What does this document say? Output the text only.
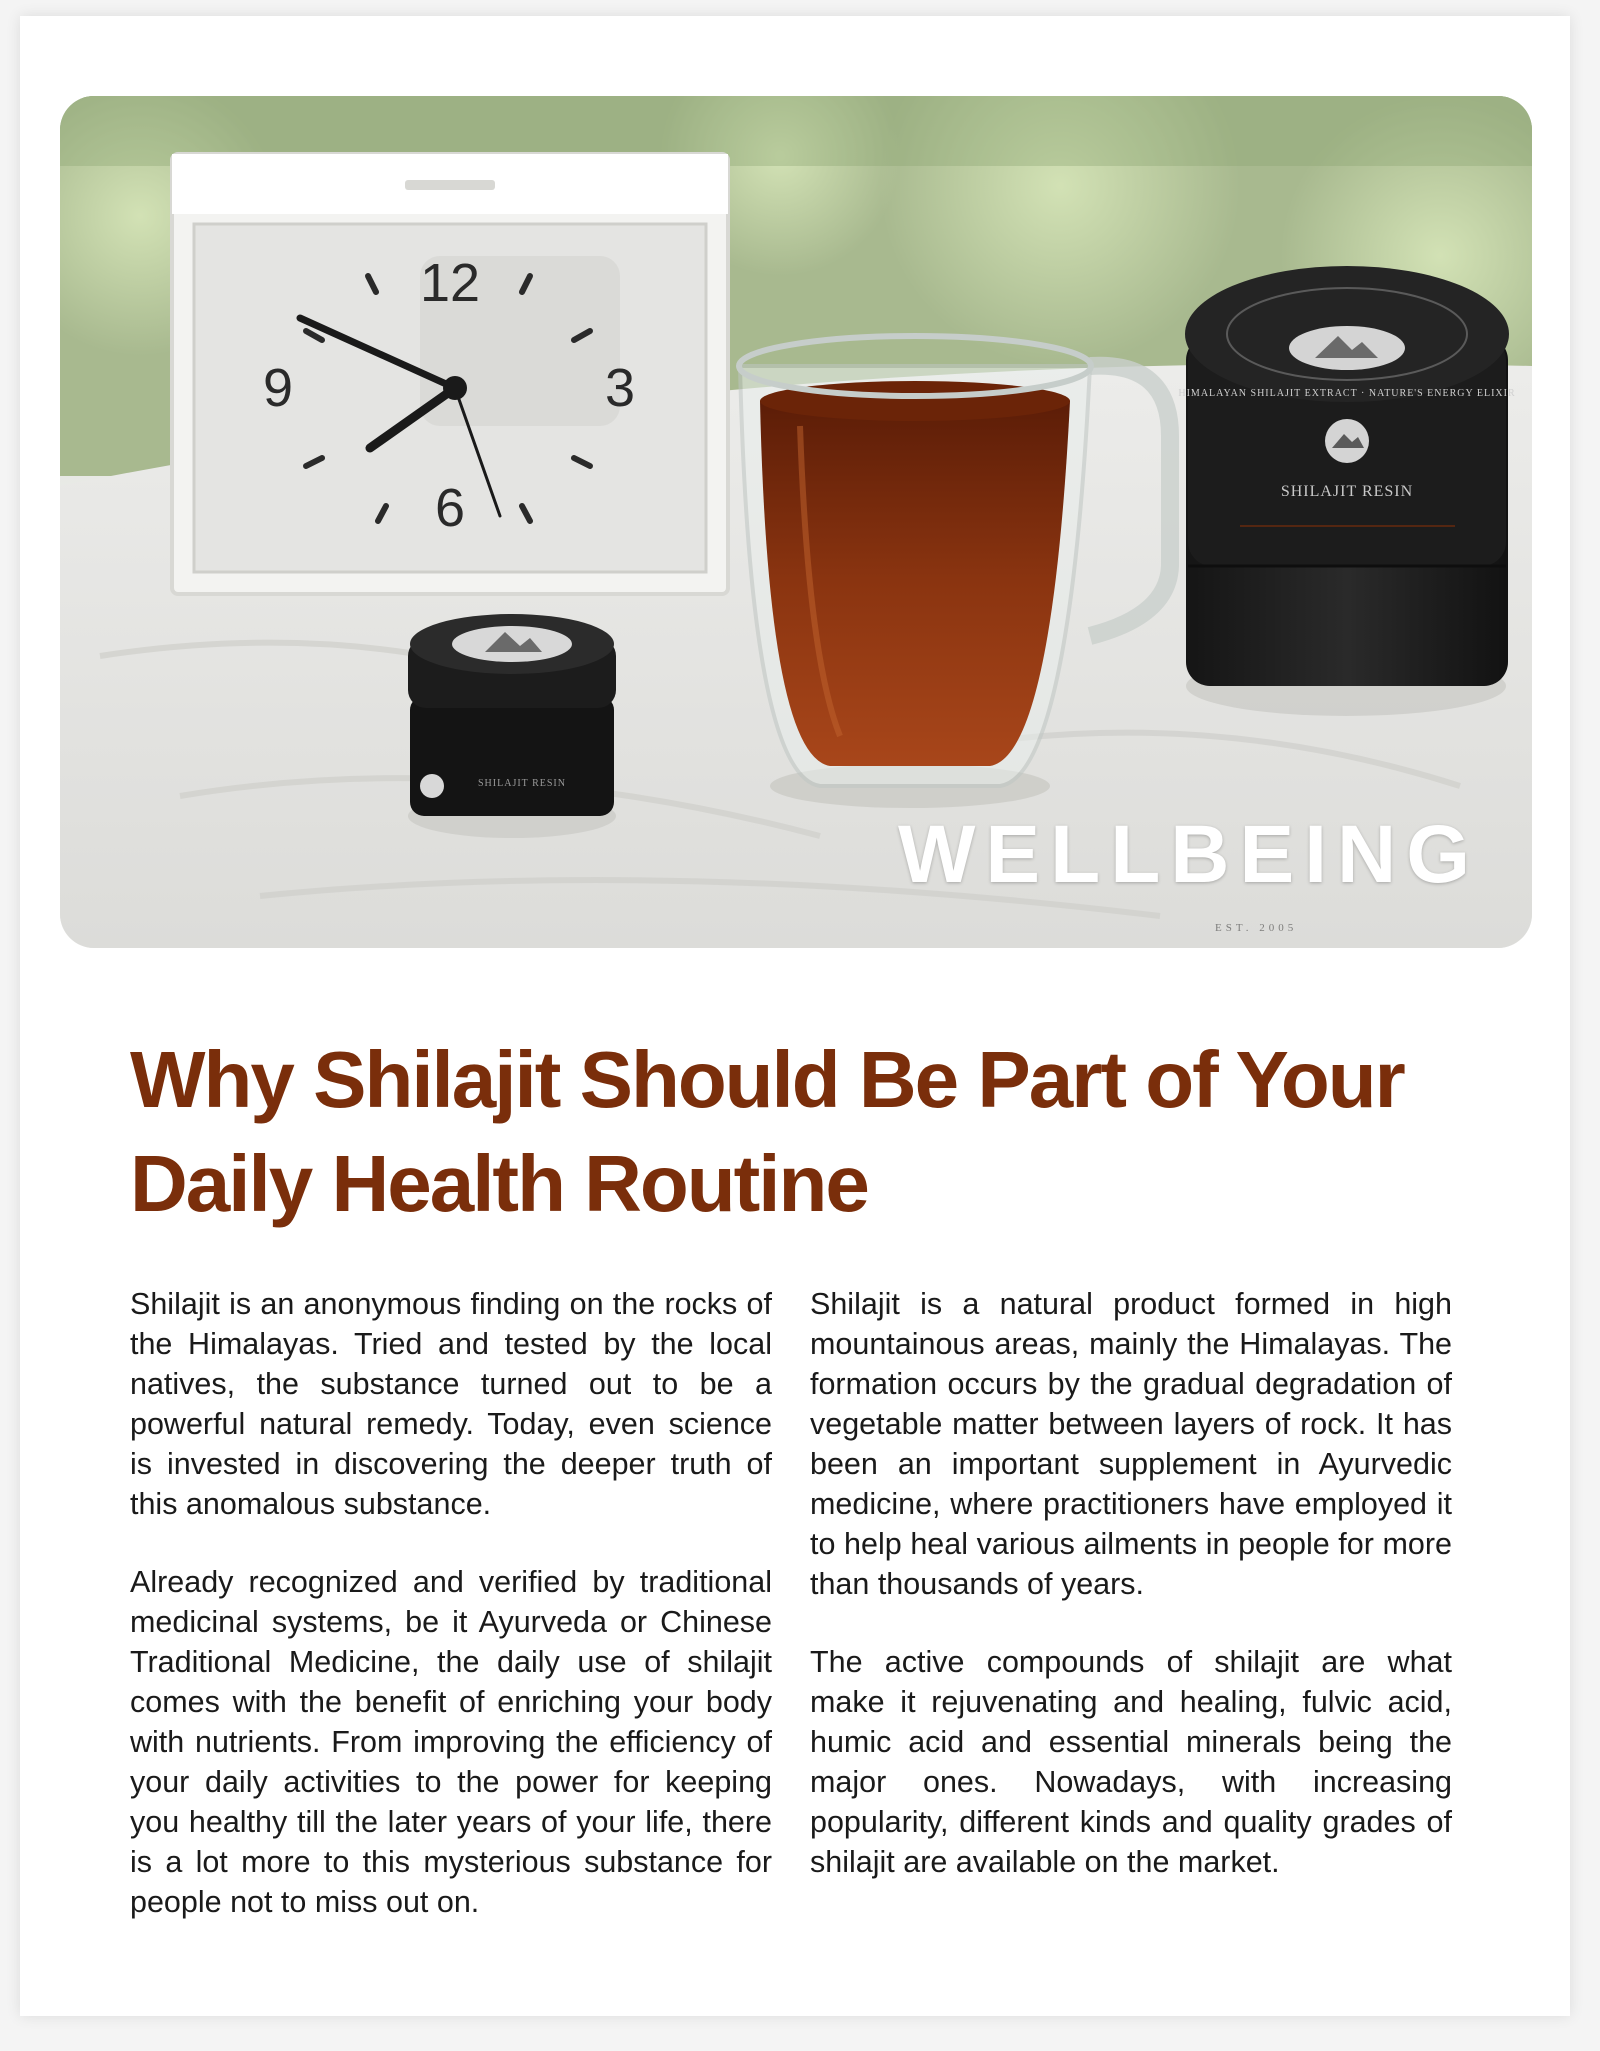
12
3
6
9
SHILAJIT RESIN
HIMALAYAN SHILAJIT EXTRACT · NATURE'S ENERGY ELIXIR
SHILAJIT RESIN
WELLBEING
EST. 2005
Why Shilajit Should Be Part of Your Daily Health Routine

Shilajit is an anonymous finding on the rocks of the Himalayas. Tried and tested by the local natives, the substance turned out to be a powerful natural remedy. Today, even science is invested in discovering the deeper truth of this anomalous substance.

Already recognized and verified by traditional medicinal systems, be it Ayurveda or Chinese Traditional Medicine, the daily use of shilajit comes with the benefit of enriching your body with nutrients. From improving the efficiency of your daily activities to the power for keeping you healthy till the later years of your life, there is a lot more to this mysterious substance for people not to miss out on.

Shilajit is a natural product formed in high mountainous areas, mainly the Himalayas. The formation occurs by the gradual degradation of vegetable matter between layers of rock. It has been an important supplement in Ayurvedic medicine, where practitioners have employed it to help heal various ailments in people for more than thousands of years.

The active compounds of shilajit are what make it rejuvenating and healing, fulvic acid, humic acid and essential minerals being the major ones. Nowadays, with increasing popularity, different kinds and quality grades of shilajit are available on the market.
